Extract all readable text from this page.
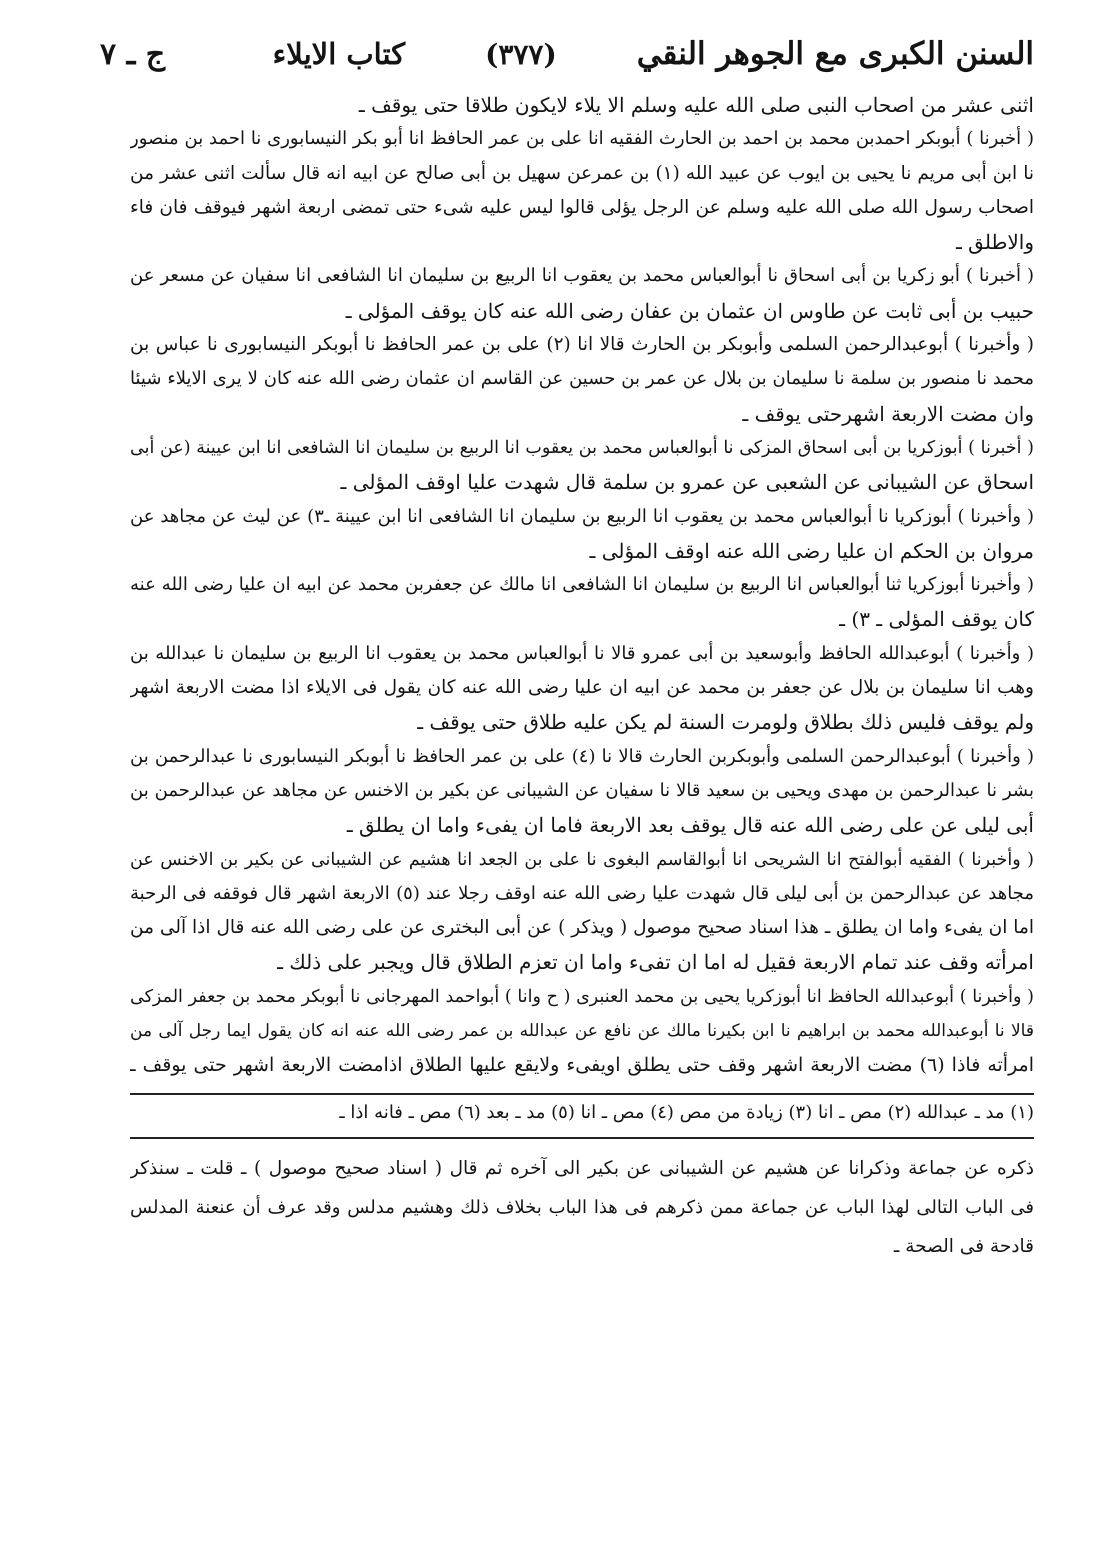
السنن الكبرى مع الجوهر النقي
(٣٧٧)
كتاب الايلاء
ج ـ ٧
اثنى عشر من اصحاب النبى صلى الله عليه وسلم الا يلاء لايكون طلاقا حتى يوقف ـ
( أخبرنا ) أبوبكر احمدبن محمد بن احمد بن الحارث الفقيه انا على بن عمر الحافظ انا أبو بكر النيسابورى نا احمد بن منصور
نا ابن أبى مريم نا يحيى بن ايوب عن عبيد الله (١) بن عمرعن سهيل بن أبى صالح عن ابيه انه قال سألت اثنى عشر من
اصحاب رسول الله صلى الله عليه وسلم عن الرجل يؤلى قالوا ليس عليه شىء حتى تمضى اربعة اشهر فيوقف فان فاء
والاطلق ـ
( أخبرنا ) أبو زكريا بن أبى اسحاق نا أبوالعباس محمد بن يعقوب انا الربيع بن سليمان انا الشافعى انا سفيان عن مسعر عن
حبيب بن أبى ثابت عن طاوس ان عثمان بن عفان رضى الله عنه كان يوقف المؤلى ـ
( وأخبرنا ) أبوعبدالرحمن السلمى وأبوبكر بن الحارث قالا انا (٢) على بن عمر الحافظ نا أبوبكر النيسابورى نا عباس بن
محمد نا منصور بن سلمة نا سليمان بن بلال عن عمر بن حسين عن القاسم ان عثمان رضى الله عنه كان لا يرى الايلاء شيئا
وان مضت الاربعة اشهرحتى يوقف ـ
( أخبرنا ) أبوزكريا بن أبى اسحاق المزكى نا أبوالعباس محمد بن يعقوب انا الربيع بن سليمان انا الشافعى انا ابن عيينة (عن أبى
اسحاق عن الشيبانى عن الشعبى عن عمرو بن سلمة قال شهدت عليا اوقف المؤلى ـ
( وأخبرنا ) أبوزكريا نا أبوالعباس محمد بن يعقوب انا الربيع بن سليمان انا الشافعى انا ابن عيينة ـ٣) عن ليث عن مجاهد عن
مروان بن الحكم ان عليا رضى الله عنه اوقف المؤلى ـ
( وأخبرنا أبوزكريا ثنا أبوالعباس انا الربيع بن سليمان انا الشافعى انا مالك عن جعفربن محمد عن ابيه ان عليا رضى الله عنه
كان يوقف المؤلى ـ ٣) ـ
( وأخبرنا ) أبوعبدالله الحافظ وأبوسعيد بن أبى عمرو قالا نا أبوالعباس محمد بن يعقوب انا الربيع بن سليمان نا عبدالله بن
وهب انا سليمان بن بلال عن جعفر بن محمد عن ابيه ان عليا رضى الله عنه كان يقول فى الايلاء اذا مضت الاربعة اشهر
ولم يوقف فليس ذلك بطلاق ولومرت السنة لم يكن عليه طلاق حتى يوقف ـ
( وأخبرنا ) أبوعبدالرحمن السلمى وأبوبكربن الحارث قالا نا (٤) على بن عمر الحافظ نا أبوبكر النيسابورى نا عبدالرحمن بن
بشر نا عبدالرحمن بن مهدى ويحيى بن سعيد قالا نا سفيان عن الشيبانى عن بكير بن الاخنس عن مجاهد عن عبدالرحمن بن
أبى ليلى عن على رضى الله عنه قال يوقف بعد الاربعة فاما ان يفىء واما ان يطلق ـ
( وأخبرنا ) الفقيه أبوالفتح انا الشريحى انا أبوالقاسم البغوى نا على بن الجعد انا هشيم عن الشيبانى عن بكير بن الاخنس عن
مجاهد عن عبدالرحمن بن أبى ليلى قال شهدت عليا رضى الله عنه اوقف رجلا عند (٥) الاربعة اشهر قال فوقفه فى الرحبة
اما ان يفىء واما ان يطلق ـ هذا اسناد صحيح موصول ( ويذكر ) عن أبى البخترى عن على رضى الله عنه قال اذا آلى من
امرأته وقف عند تمام الاربعة فقيل له اما ان تفىء واما ان تعزم الطلاق قال ويجبر على ذلك ـ
( وأخبرنا ) أبوعبدالله الحافظ انا أبوزكريا يحيى بن محمد العنبرى ( ح وانا ) أبواحمد المهرجانى نا أبوبكر محمد بن جعفر المزكى
قالا نا أبوعبدالله محمد بن ابراهيم نا ابن بكيرنا مالك عن نافع عن عبدالله بن عمر رضى الله عنه انه كان يقول ايما رجل آلى من
امرأته فاذا (٦) مضت الاربعة اشهر وقف حتى يطلق اويفىء ولايقع عليها الطلاق اذامضت الاربعة اشهر حتى يوقف ـ
(١) مد ـ عبدالله (٢) مص ـ انا (٣) زيادة من مص (٤) مص ـ انا (٥) مد ـ بعد (٦) مص ـ فانه اذا ـ
ذكره عن جماعة وذكرانا عن هشيم عن الشيبانى عن بكير الى آخره ثم قال ( اسناد صحيح موصول ) ـ قلت ـ سنذكر
فى الباب التالى لهذا الباب عن جماعة ممن ذكرهم فى هذا الباب بخلاف ذلك وهشيم مدلس وقد عرف أن عنعنة المدلس
قادحة فى الصحة ـ
